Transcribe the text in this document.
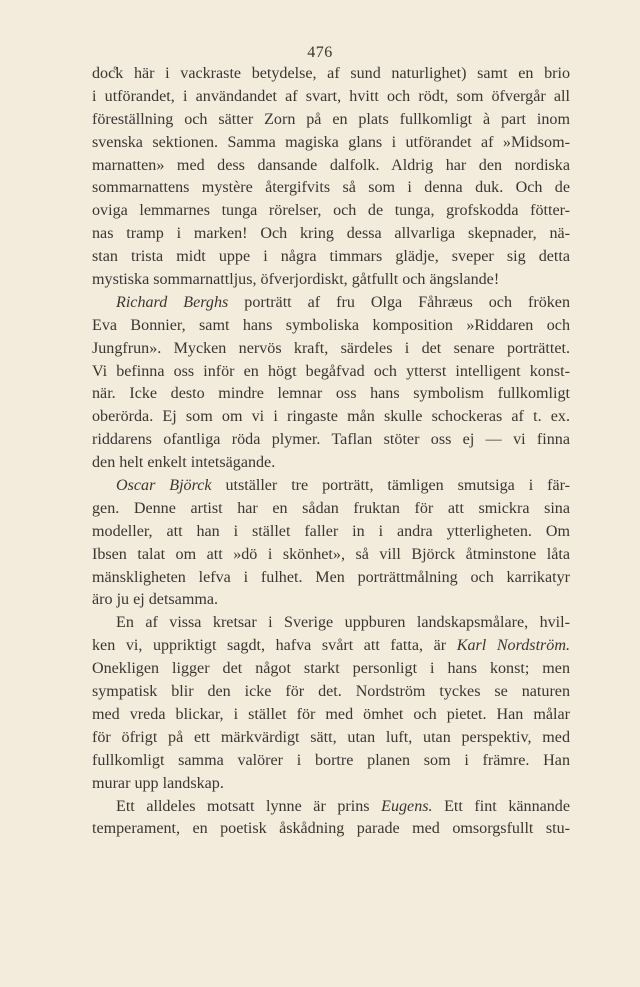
476
doc̊k här i vackraste betydelse, af sund naturlighet) samt en brio
i utförandet, i användandet af svart, hvitt och rödt, som öfvergår all
föreställning och sätter Zorn på en plats fullkomligt à part inom
svenska sektionen. Samma magiska glans i utförandet af »Midsom-
marnatten» med dess dansande dalfolk. Aldrig har den nordiska
sommarnattens mystère återgifvits så som i denna duk. Och de
oviga lemmarnes tunga rörelser, och de tunga, grofskodda fötter-
nas tramp i marken! Och kring dessa allvarliga skepnader, nä-
stan trista midt uppe i några timmars glädje, sveper sig detta
mystiska sommarnattljus, öfverjordiskt, gåtfullt och ängslande!
Richard Berghs porträtt af fru Olga Fåhræus och fröken
Eva Bonnier, samt hans symboliska komposition »Riddaren och
Jungfrun». Mycken nervös kraft, särdeles i det senare porträttet.
Vi befinna oss inför en högt begåfvad och ytterst intelligent konst-
när. Icke desto mindre lemnar oss hans symbolism fullkomligt
oberörda. Ej som om vi i ringaste mån skulle schockeras af t. ex.
riddarens ofantliga röda plymer. Taflan stöter oss ej — vi finna
den helt enkelt intetsägande.
Oscar Björck utställer tre porträtt, tämligen smutsiga i fär-
gen. Denne artist har en sådan fruktan för att smickra sina
modeller, att han i stället faller in i andra ytterligheten. Om
Ibsen talat om att »dö i skönhet», så vill Björck åtminstone låta
mänskligheten lefva i fulhet. Men porträttmålning och karrikatyr
äro ju ej detsamma.
En af vissa kretsar i Sverige uppburen landskapsmålare, hvil-
ken vi, uppriktigt sagdt, hafva svårt att fatta, är Karl Nordström.
Onekligen ligger det något starkt personligt i hans konst; men
sympatisk blir den icke för det. Nordström tyckes se naturen
med vreda blickar, i stället för med ömhet och pietet. Han målar
för öfrigt på ett märkvärdigt sätt, utan luft, utan perspektiv, med
fullkomligt samma valörer i bortre planen som i främre. Han
murar upp landskap.
Ett alldeles motsatt lynne är prins Eugens. Ett fint kännande
temperament, en poetisk åskådning parade med omsorgsfullt stu-
